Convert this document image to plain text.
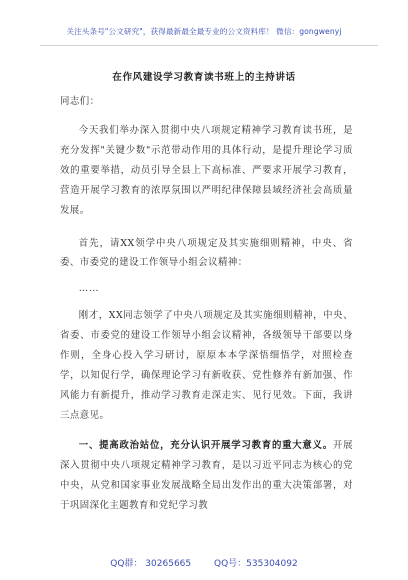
关注头条号"公文研究"，获得最新最全最专业的公文资料库！ 微信：gongwenyj
在作风建设学习教育读书班上的主持讲话
同志们：

今天我们举办深入贯彻中央八项规定精神学习教育读书班，是充分发挥"关键少数"示范带动作用的具体行动，是提升理论学习质效的重要举措，动员引导全县上下高标准、严要求开展学习教育，营造开展学习教育的浓厚氛围以严明纪律保障县域经济社会高质量发展。

首先，请XX领学中央八项规定及其实施细则精神，中央、省委、市委党的建设工作领导小组会议精神：

……

刚才，XX同志领学了中央八项规定及其实施细则精神，中央、省委、市委党的建设工作领导小组会议精神，各级领导干部要以身作则，全身心投入学习研讨，原原本本学深悟细悟学，对照检查学，以知促行学，确保理论学习有新收获、党性修养有新加强、作风能力有新提升，推动学习教育走深走实、见行见效。下面，我讲三点意见。

一、提高政治站位，充分认识开展学习教育的重大意义。开展深入贯彻中央八项规定精神学习教育，是以习近平同志为核心的党中央，从党和国家事业发展战略全局出发作出的重大决策部署，对于巩固深化主题教育和党纪学习教

QQ群： 30265665	QQ号：535304092
